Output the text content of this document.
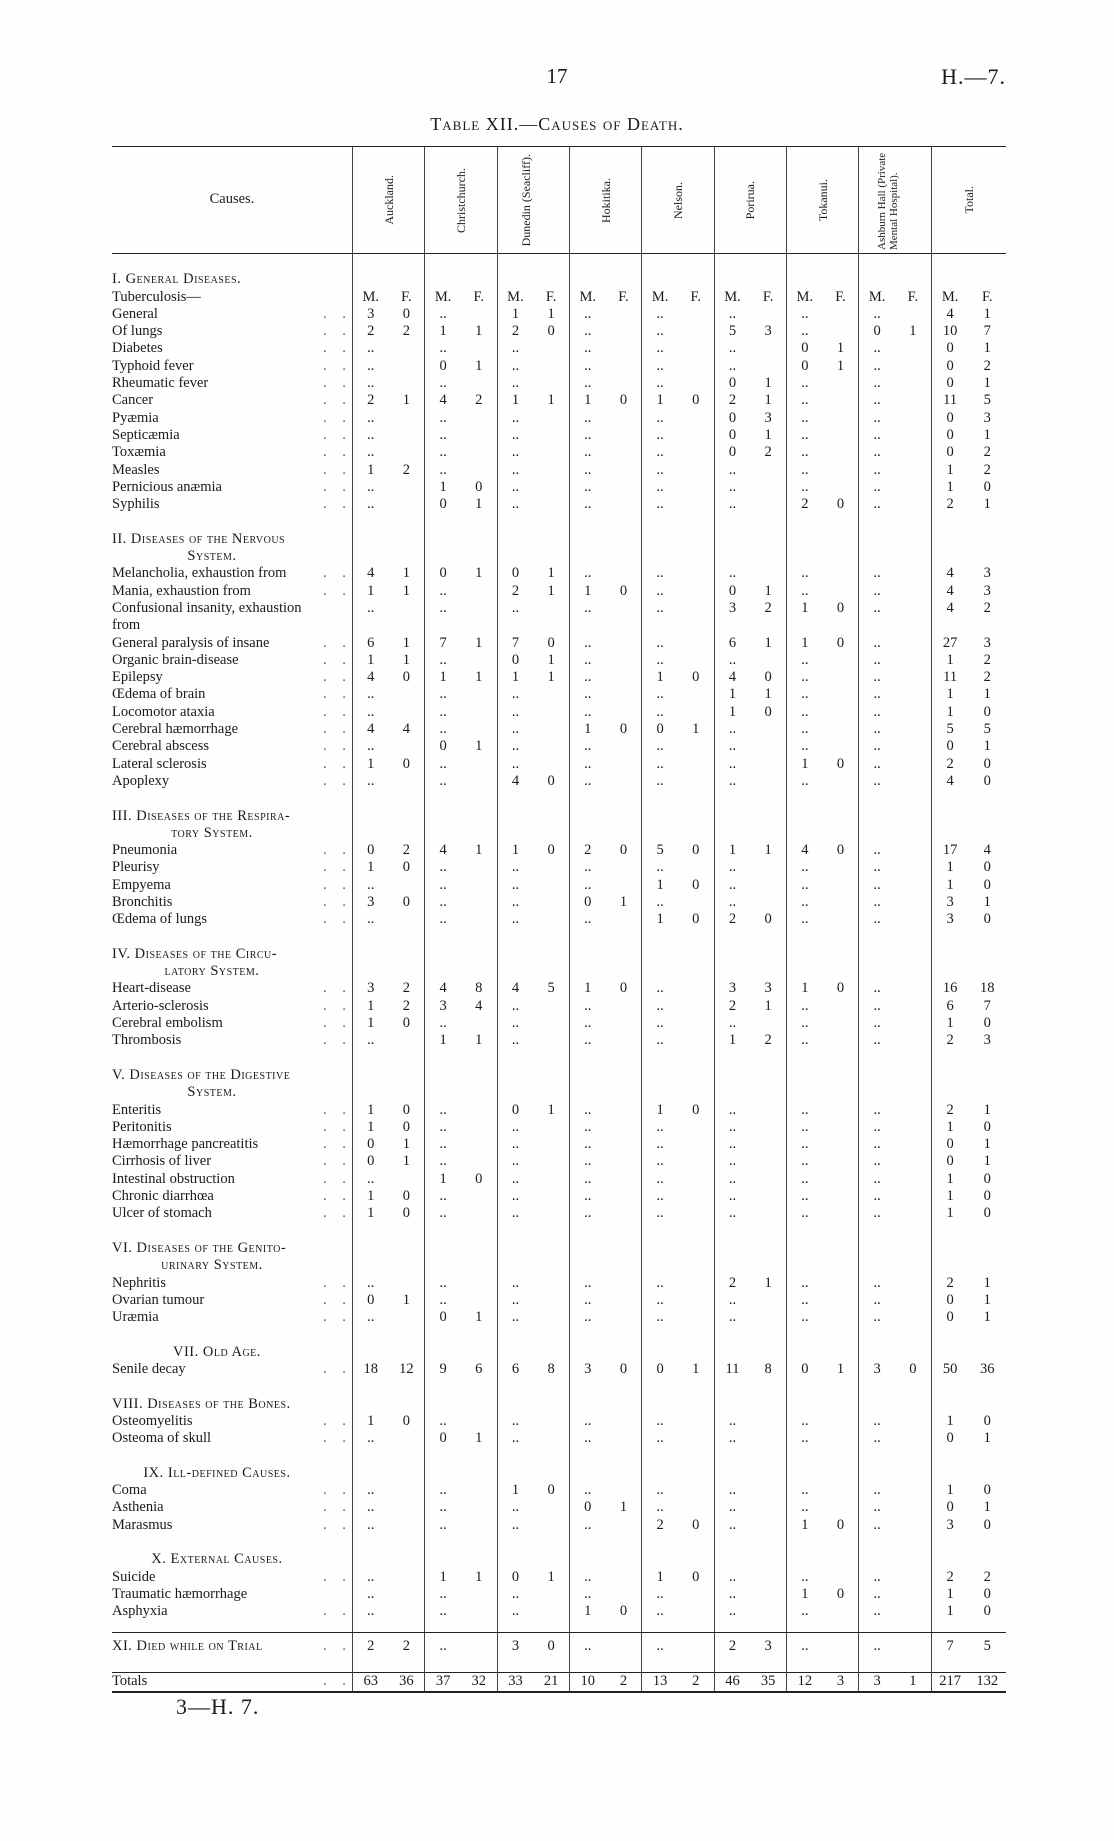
17	H.—7.
Table XII.—Causes of Death.
Causes.	Auckland.		Christchurch.		Dunedin (Seacliff).		Hokitika.		Nelson.		Porirua.		Tokanui.		Ashburn Hall (Private Mental Hospital).		Total.	

I. General Diseases.																		
Tuberculosis—	M.	F.	M.	F.	M.	F.	M.	F.	M.	F.	M.	F.	M.	F.	M.	F.	M.	F.
General . .	3	0	..		1	1	..		..		..		..		..		4	1
Of lungs . .	2	2	1	1	2	0	..		..		5	3	..		0	1	10	7
Diabetes . .	..		..		..		..		..		..		0	1	..		0	1
Typhoid fever . .	..		0	1	..		..		..		..		0	1	..		0	2
Rheumatic fever . .	..		..		..		..		..		0	1	..		..		0	1
Cancer . .	2	1	4	2	1	1	1	0	1	0	2	1	..		..		11	5
Pyæmia . .	..		..		..		..		..		0	3	..		..		0	3
Septicæmia . .	..		..		..		..		..		0	1	..		..		0	1
Toxæmia . .	..		..		..		..		..		0	2	..		..		0	2
Measles . .	1	2	..		..		..		..		..		..		..		1	2
Pernicious anæmia . .	..		1	0	..		..		..		..		..		..		1	0
Syphilis . .	..		0	1	..		..		..		..		2	0	..		2	1

II. Diseases of the Nervous
System.																		

Melancholia, exhaustion from . .	4	1	0	1	0	1	..		..		..		..		..		4	3
Mania, exhaustion from . .	1	1	..		2	1	1	0	..		0	1	..		..		4	3
Confusional insanity, exhaustion	..		..		..		..		..		3	2	1	0	..		4	2
from																		
General paralysis of insane . .	6	1	7	1	7	0	..		..		6	1	1	0	..		27	3
Organic brain-disease . .	1	1	..		0	1	..		..		..		..		..		1	2
Epilepsy . .	4	0	1	1	1	1	..		1	0	4	0	..		..		11	2
Œdema of brain . .	..		..		..		..		..		1	1	..		..		1	1
Locomotor ataxia . .	..		..		..		..		..		1	0	..		..		1	0
Cerebral hæmorrhage . .	4	4	..		..		1	0	0	1	..		..		..		5	5
Cerebral abscess . .	..		0	1	..		..		..		..		..		..		0	1
Lateral sclerosis . .	1	0	..		..		..		..		..		1	0	..		2	0
Apoplexy . .	..		..		4	0	..		..		..		..		..		4	0

III. Diseases of the Respira-
tory System.																		

Pneumonia . .	0	2	4	1	1	0	2	0	5	0	1	1	4	0	..		17	4
Pleurisy . .	1	0	..		..		..		..		..		..		..		1	0
Empyema . .	..		..		..		..		1	0	..		..		..		1	0
Bronchitis . .	3	0	..		..		0	1	..		..		..		..		3	1
Œdema of lungs . .	..		..		..		..		1	0	2	0	..		..		3	0

IV. Diseases of the Circu-
latory System.																		

Heart-disease . .	3	2	4	8	4	5	1	0	..		3	3	1	0	..		16	18
Arterio-sclerosis . .	1	2	3	4	..		..		..		2	1	..		..		6	7
Cerebral embolism . .	1	0	..		..		..		..		..		..		..		1	0
Thrombosis . .	..		1	1	..		..		..		1	2	..		..		2	3

V. Diseases of the Digestive
System.																		

Enteritis . .	1	0	..		0	1	..		1	0	..		..		..		2	1
Peritonitis . .	1	0	..		..		..		..		..		..		..		1	0
Hæmorrhage pancreatitis . .	0	1	..		..		..		..		..		..		..		0	1
Cirrhosis of liver . .	0	1	..		..		..		..		..		..		..		0	1
Intestinal obstruction . .	..		1	0	..		..		..		..		..		..		1	0
Chronic diarrhœa . .	1	0	..		..		..		..		..		..		..		1	0
Ulcer of stomach . .	1	0	..		..		..		..		..		..		..		1	0

VI. Diseases of the Genito-
urinary System.																		

Nephritis . .	..		..		..		..		..		2	1	..		..		2	1
Ovarian tumour . .	0	1	..		..		..		..		..		..		..		0	1
Uræmia . .	..		0	1	..		..		..		..		..		..		0	1

VII. Old Age.																		

Senile decay . .	18	12	9	6	6	8	3	0	0	1	11	8	0	1	3	0	50	36

VIII. Diseases of the Bones.																		
Osteomyelitis . .	1	0	..		..		..		..		..		..		..		1	0
Osteoma of skull . .	..		0	1	..		..		..		..		..		..		0	1

IX. Ill-defined Causes.																		

Coma . .	..		..		1	0	..		..		..		..		..		1	0
Asthenia . .	..		..		..		0	1	..		..		..		..		0	1
Marasmus . .	..		..		..		..		2	0	..		1	0	..		3	0

X. External Causes.																		

Suicide . .	..		1	1	0	1	..		1	0	..		..		..		2	2
Traumatic hæmorrhage	..		..		..		..		..		..		1	0	..		1	0
Asphyxia . .	..		..		..		1	0	..		..		..		..		1	0

XI. Died while on Trial . .	2	2	..		3	0	..		..		2	3	..		..		7	5

Totals . .	63	36	37	32	33	21	10	2	13	2	46	35	12	3	3	1	217	132
3—H. 7.
